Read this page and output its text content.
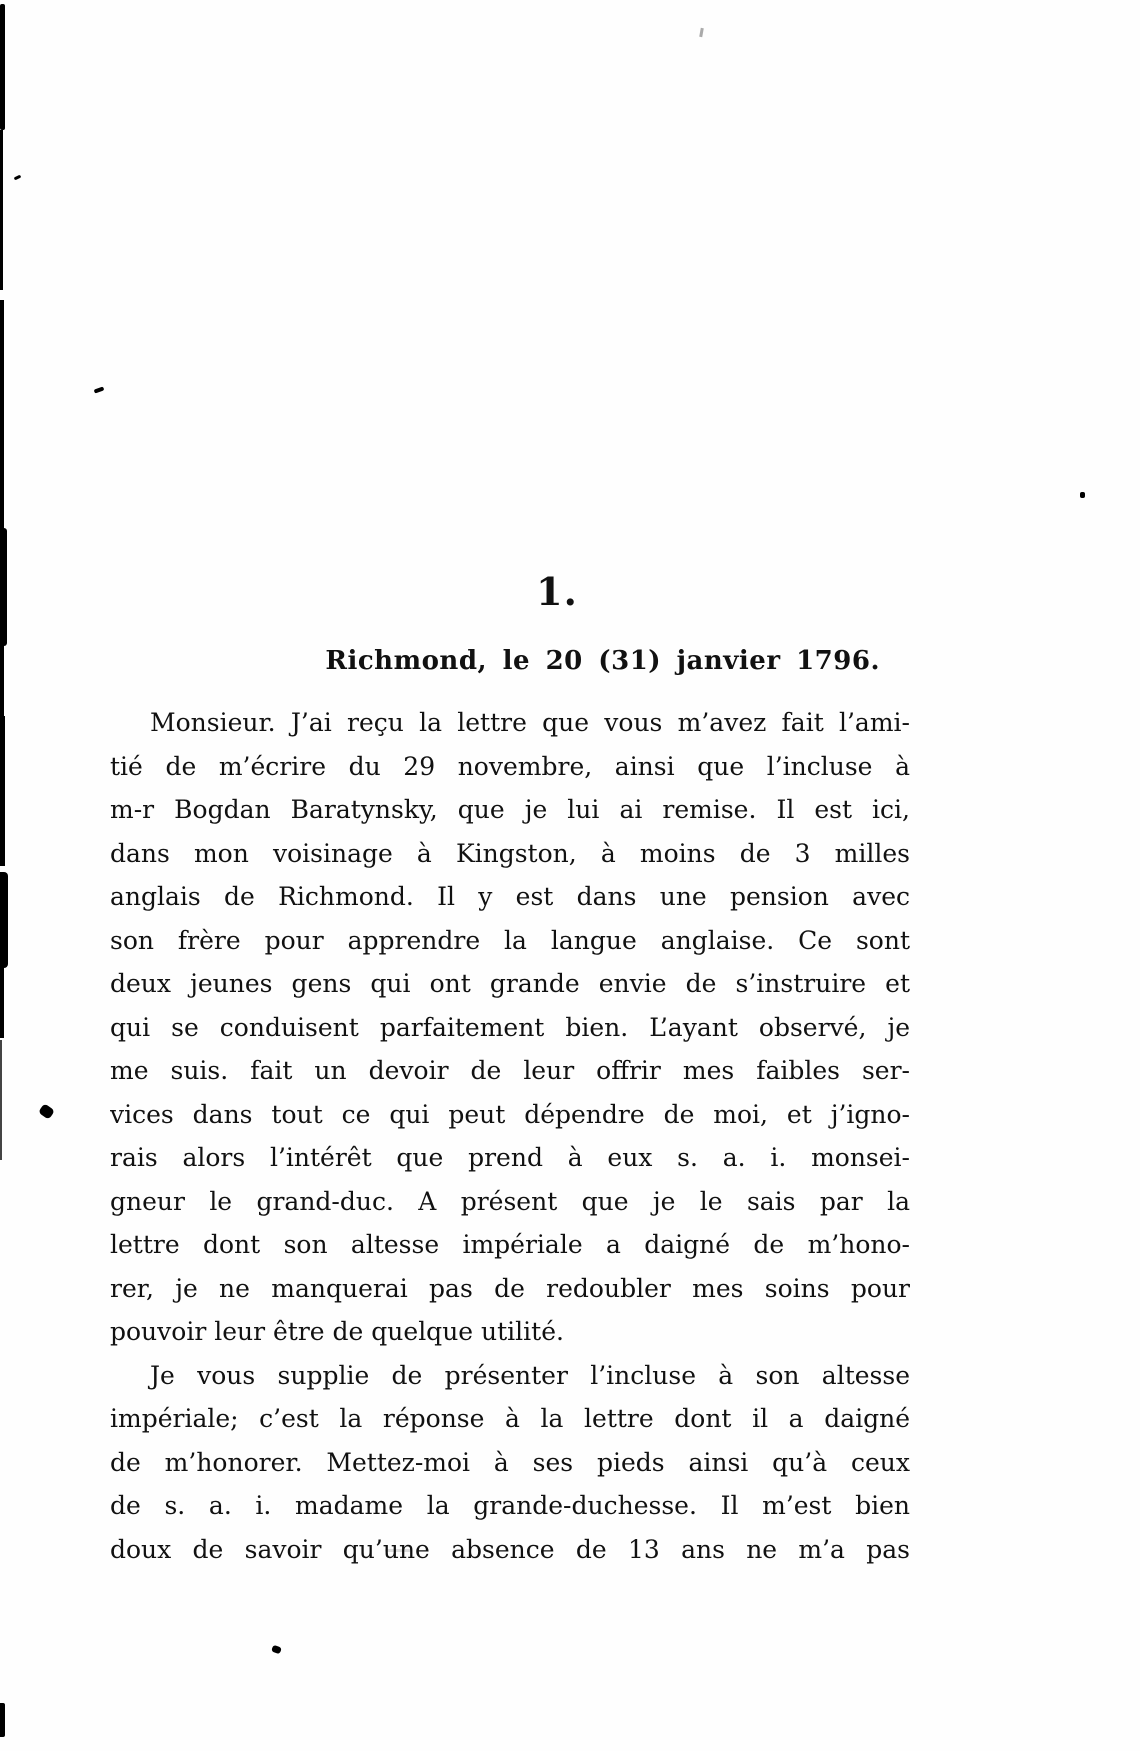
1.
Richmond, le 20 (31) janvier 1796.
Monsieur. J’ai reçu la lettre que vous m’avez fait l’ami-
tié de m’écrire du 29 novembre, ainsi que l’incluse à
m-r Bogdan Baratynsky, que je lui ai remise. Il est ici,
dans mon voisinage à Kingston, à moins de 3 milles
anglais de Richmond. Il y est dans une pension avec
son frère pour apprendre la langue anglaise. Ce sont
deux jeunes gens qui ont grande envie de s’instruire et
qui se conduisent parfaitement bien. L’ayant observé, je
me suis. fait un devoir de leur offrir mes faibles ser-
vices dans tout ce qui peut dépendre de moi, et j’igno-
rais alors l’intérêt que prend à eux s. a. i. monsei-
gneur le grand-duc. A présent que je le sais par la
lettre dont son altesse impériale a daigné de m’hono-
rer, je ne manquerai pas de redoubler mes soins pour
pouvoir leur être de quelque utilité.
Je vous supplie de présenter l’incluse à son altesse
impériale; c’est la réponse à la lettre dont il a daigné
de m’honorer. Mettez-moi à ses pieds ainsi qu’à ceux
de s. a. i. madame la grande-duchesse. Il m’est bien
doux de savoir qu’une absence de 13 ans ne m’a pas
